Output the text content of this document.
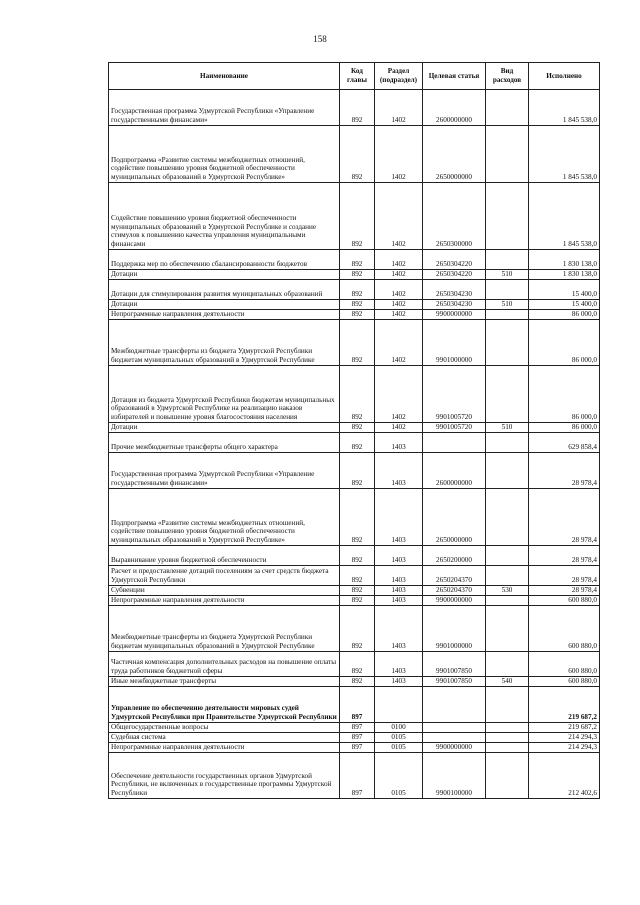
158
Наименование	Код главы	Раздел (подраздел)	Целевая статья	Вид расходов	Исполнено
Государственная программа Удмуртской Республики «Управление государственными финансами»	892	1402	2600000000		1 845 538,0
Подпрограмма «Развитие системы межбюджетных отношений, содействие повышению уровня бюджетной обеспеченности муниципальных образований в Удмуртской Республике»	892	1402	2650000000		1 845 538,0
Содействие повышению уровня бюджетной обеспеченности муниципальных образований в Удмуртской Республике и создание стимулов к повышению качества управления муниципальными финансами	892	1402	2650300000		1 845 538,0
Поддержка мер по обеспечению сбалансированности бюджетов	892	1402	2650304220		1 830 138,0
Дотации	892	1402	2650304220	510	1 830 138,0
Дотации для стимулирования развития муниципальных образований	892	1402	2650304230		15 400,0
Дотации	892	1402	2650304230	510	15 400,0
Непрограммные направления деятельности	892	1402	9900000000		86 000,0
Межбюджетные трансферты из бюджета Удмуртской Республики бюджетам муниципальных образований в Удмуртской Республике	892	1402	9901000000		86 000,0
Дотация из бюджета Удмуртской Республики бюджетам муниципальных образований в Удмуртской Республике на реализацию наказов избирателей и повышение уровня благосостояния населения	892	1402	9901005720		86 000,0
Дотации	892	1402	9901005720	510	86 000,0
Прочие межбюджетные трансферты общего характера	892	1403			629 858,4
Государственная программа Удмуртской Республики «Управление государственными финансами»	892	1403	2600000000		28 978,4
Подпрограмма «Развитие системы межбюджетных отношений, содействие повышению уровня бюджетной обеспеченности муниципальных образований в Удмуртской Республике»	892	1403	2650000000		28 978,4
Выравнивание уровня бюджетной обеспеченности	892	1403	2650200000		28 978,4
Расчет и предоставление дотаций поселениям за счет средств бюджета Удмуртской Республики	892	1403	2650204370		28 978,4
Субвенции	892	1403	2650204370	530	28 978,4
Непрограммные направления деятельности	892	1403	9900000000		600 880,0
Межбюджетные трансферты из бюджета Удмуртской Республики бюджетам муниципальных образований в Удмуртской Республике	892	1403	9901000000		600 880,0
Частичная компенсация дополнительных расходов на повышение оплаты труда работников бюджетной сферы	892	1403	9901007850		600 880,0
Иные межбюджетные трансферты	892	1403	9901007850	540	600 880,0
Управление по обеспечению деятельности мировых судей Удмуртской Республики при Правительстве Удмуртской Республики	897				219 687,2
Общегосударственные вопросы	897	0100			219 687,2
Судебная система	897	0105			214 294,3
Непрограммные направления деятельности	897	0105	9900000000		214 294,3
Обеспечение деятельности государственных органов Удмуртской Республики, не включенных в государственные программы Удмуртской Республики	897	0105	9900100000		212 402,6
